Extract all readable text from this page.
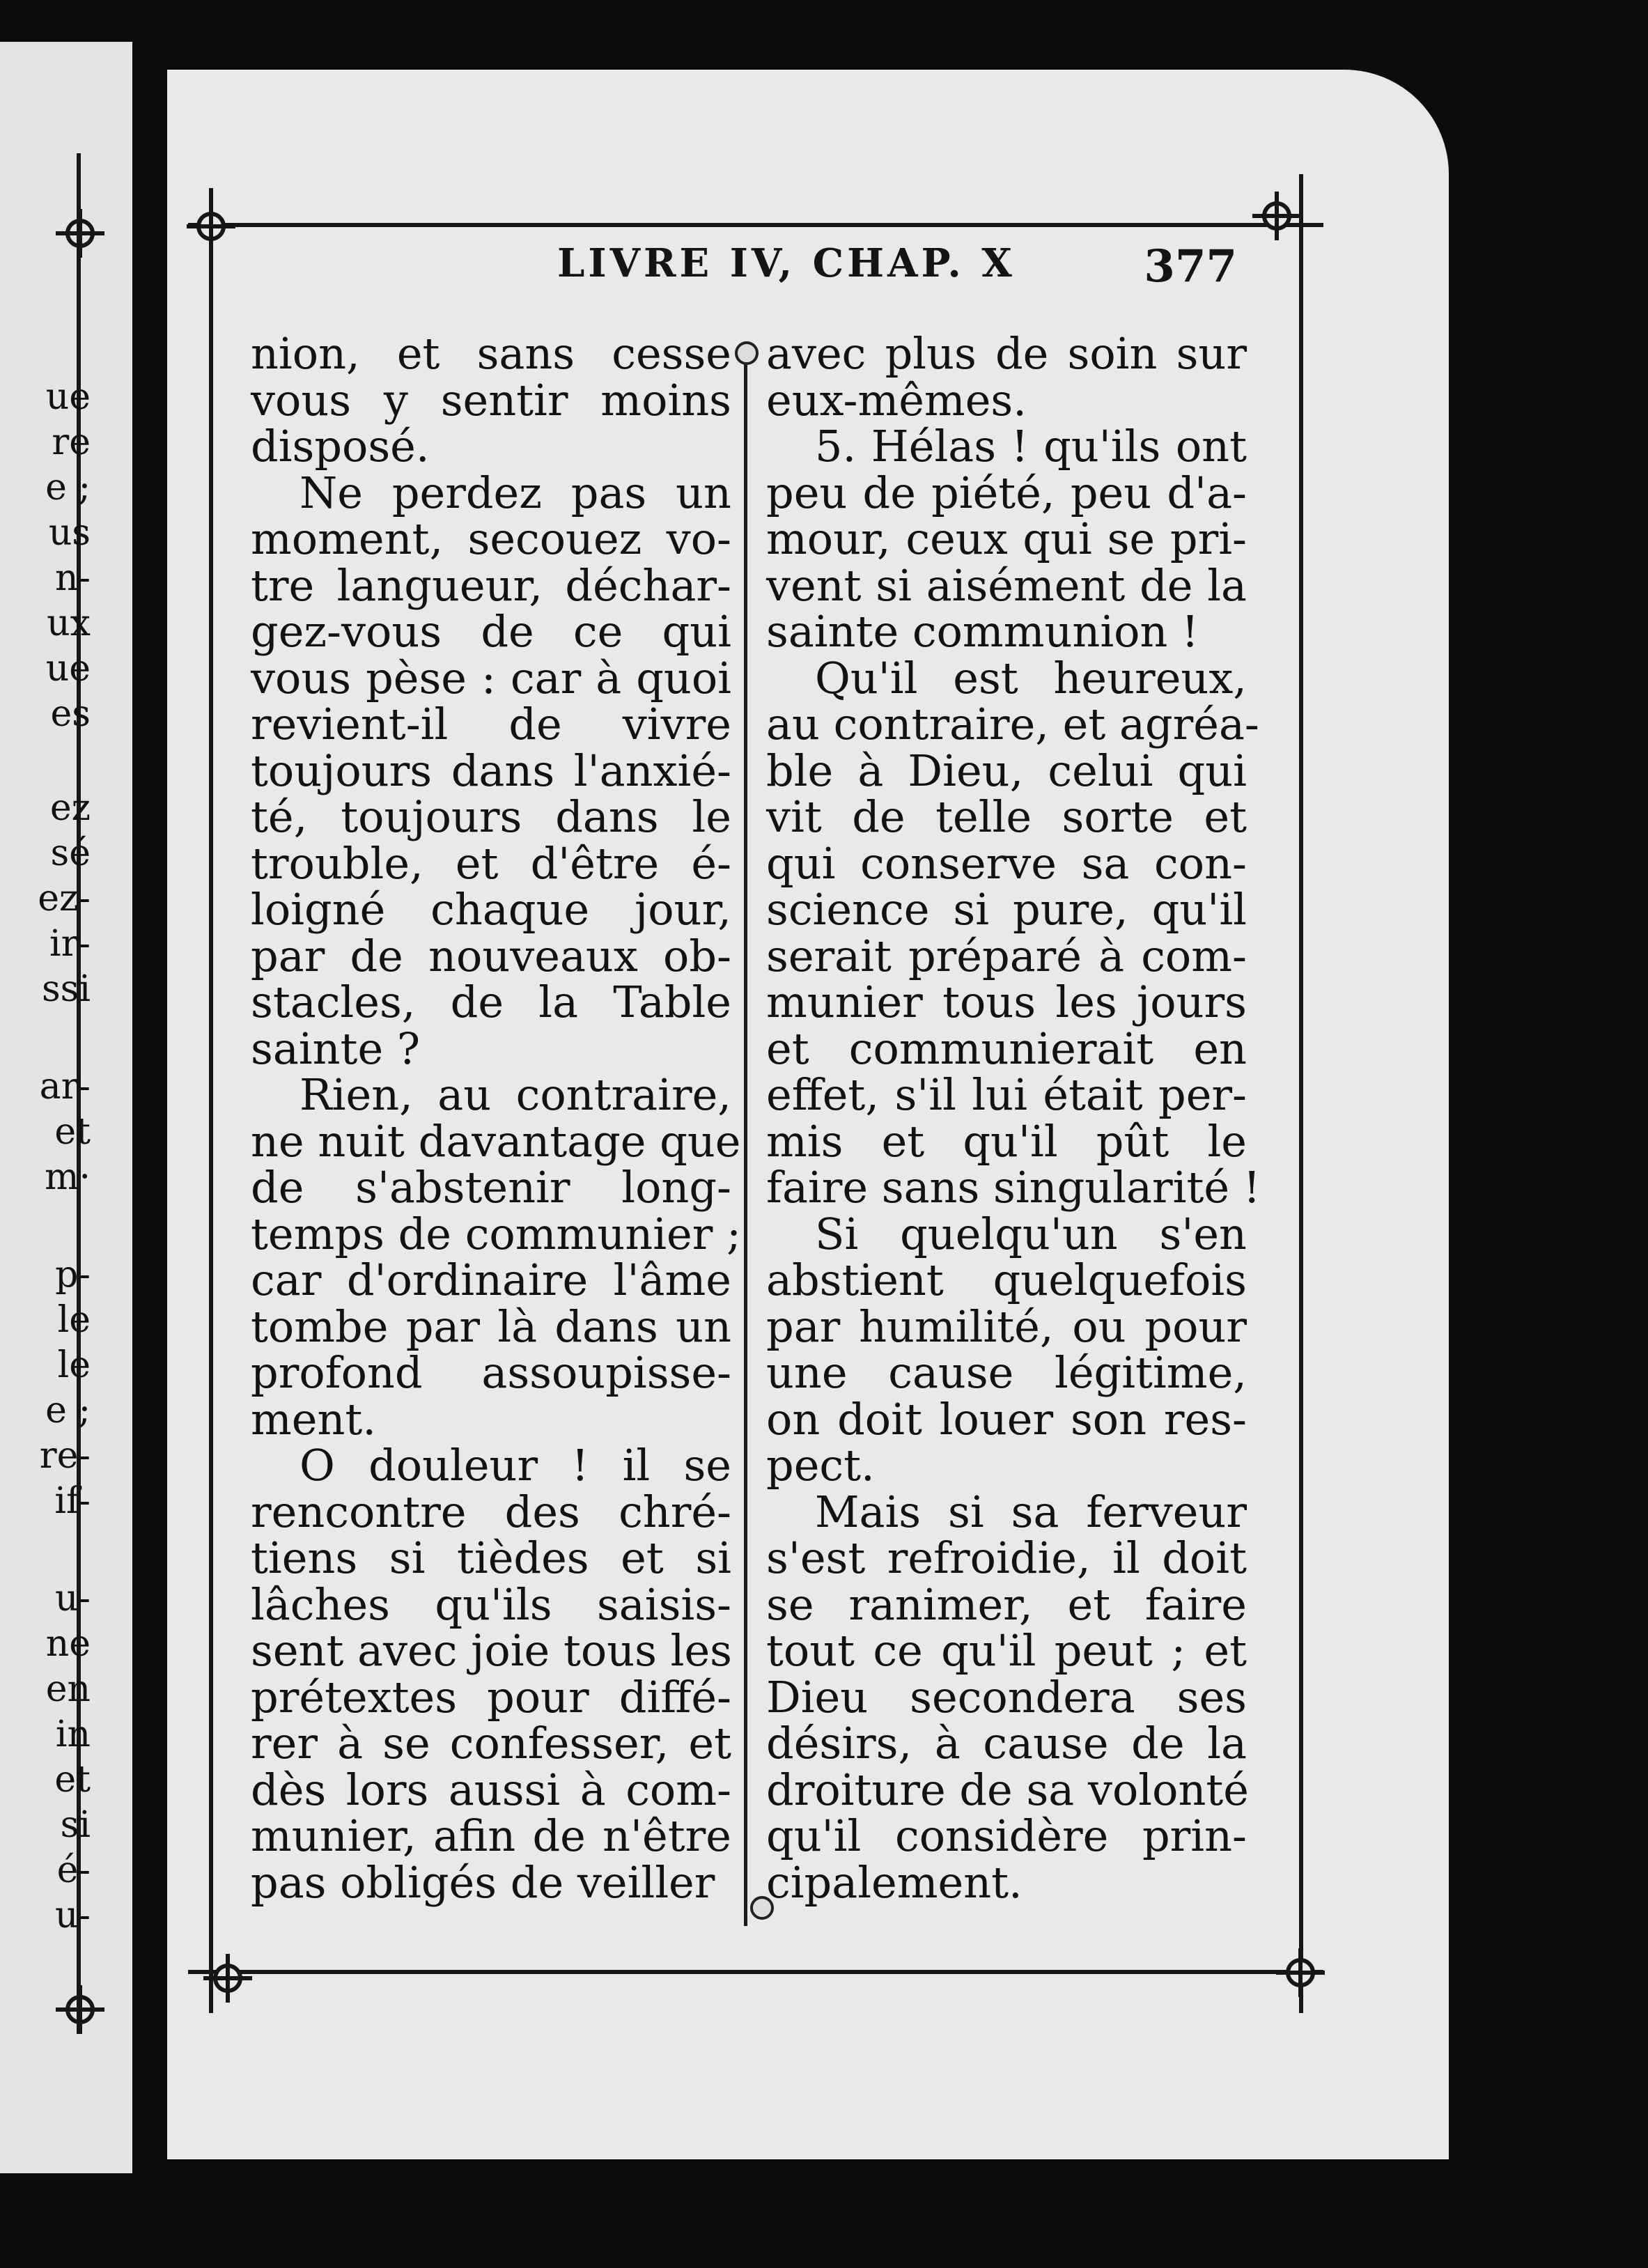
ue
re
e ;
us
n-
ux
ue
es
ez
sé
ez-
ir-
ssi
ar-
et
m·
p-
le
le
e ;
re-
if-
u-
ne
en
in
et
si
é-
u-
LIVRE IV, CHAP. X	377
nion, et sans cesse
vous y sentir moins
disposé.
Ne perdez pas un
moment, secouez vo-
tre langueur, déchar-
gez-vous de ce qui
vous pèse : car à quoi
revient-il de vivre
toujours dans l'anxié-
té, toujours dans le
trouble, et d'être é-
loigné chaque jour,
par de nouveaux ob-
stacles, de la Table
sainte ?
Rien, au contraire,
ne nuit davantage que
de s'abstenir long-
temps de communier ;
car d'ordinaire l'âme
tombe par là dans un
profond assoupisse-
ment.
O douleur ! il se
rencontre des chré-
tiens si tièdes et si
lâches qu'ils saisis-
sent avec joie tous les
prétextes pour diffé-
rer à se confesser, et
dès lors aussi à com-
munier, afin de n'être
pas obligés de veiller
avec plus de soin sur
eux-mêmes.
5. Hélas ! qu'ils ont
peu de piété, peu d'a-
mour, ceux qui se pri-
vent si aisément de la
sainte communion !
Qu'il est heureux,
au contraire, et agréa-
ble à Dieu, celui qui
vit de telle sorte et
qui conserve sa con-
science si pure, qu'il
serait préparé à com-
munier tous les jours
et communierait en
effet, s'il lui était per-
mis et qu'il pût le
faire sans singularité !
Si quelqu'un s'en
abstient quelquefois
par humilité, ou pour
une cause légitime,
on doit louer son res-
pect.
Mais si sa ferveur
s'est refroidie, il doit
se ranimer, et faire
tout ce qu'il peut ; et
Dieu secondera ses
désirs, à cause de la
droiture de sa volonté
qu'il considère prin-
cipalement.
